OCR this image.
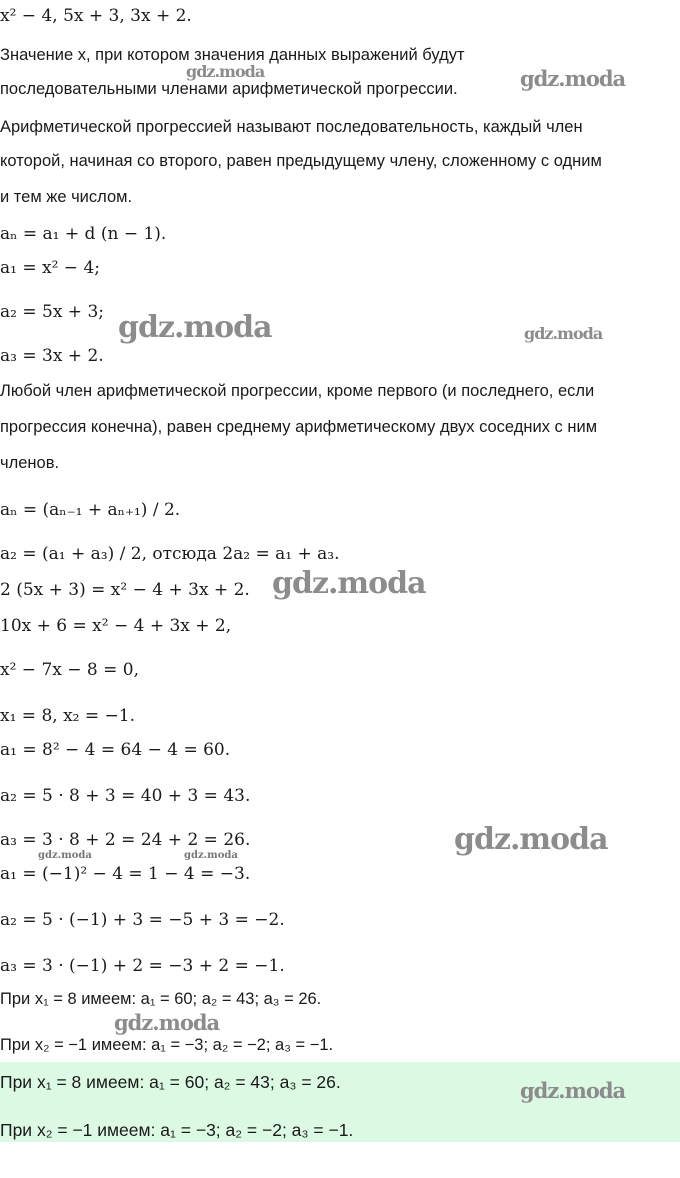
x² − 4, 5x + 3, 3x + 2.
Значение x, при котором значения данных выражений будут
последовательными членами арифметической прогрессии.
Арифметической прогрессией называют последовательность, каждый член
которой, начиная со второго, равен предыдущему члену, сложенному с одним
и тем же числом.
aₙ = a₁ + d (n − 1).
a₁ = x² − 4;
a₂ = 5x + 3;
a₃ = 3x + 2.
Любой член арифметической прогрессии, кроме первого (и последнего, если
прогрессия конечна), равен среднему арифметическому двух соседних с ним
членов.
aₙ = (aₙ₋₁ + aₙ₊₁) / 2.
a₂ = (a₁ + a₃) / 2, отсюда 2a₂ = a₁ + a₃.
2 (5x + 3) = x² − 4 + 3x + 2.
10x + 6 = x² − 4 + 3x + 2,
x² − 7x − 8 = 0,
x₁ = 8, x₂ = −1.
a₁ = 8² − 4 = 64 − 4 = 60.
a₂ = 5 · 8 + 3 = 40 + 3 = 43.
a₃ = 3 · 8 + 2 = 24 + 2 = 26.
a₁ = (−1)² − 4 = 1 − 4 = −3.
a₂ = 5 · (−1) + 3 = −5 + 3 = −2.
a₃ = 3 · (−1) + 2 = −3 + 2 = −1.
При x₁ = 8 имеем: a₁ = 60; a₂ = 43; a₃ = 26.
При x₂ = −1 имеем: a₁ = −3; a₂ = −2; a₃ = −1.
При x₁ = 8 имеем: a₁ = 60; a₂ = 43; a₃ = 26.
При x₂ = −1 имеем: a₁ = −3; a₂ = −2; a₃ = −1.
gdz.moda	gdz.moda
gdz.moda	gdz.moda
gdz.moda
gdz.moda
gdz.moda	gdz.moda
gdz.moda
gdz.moda
